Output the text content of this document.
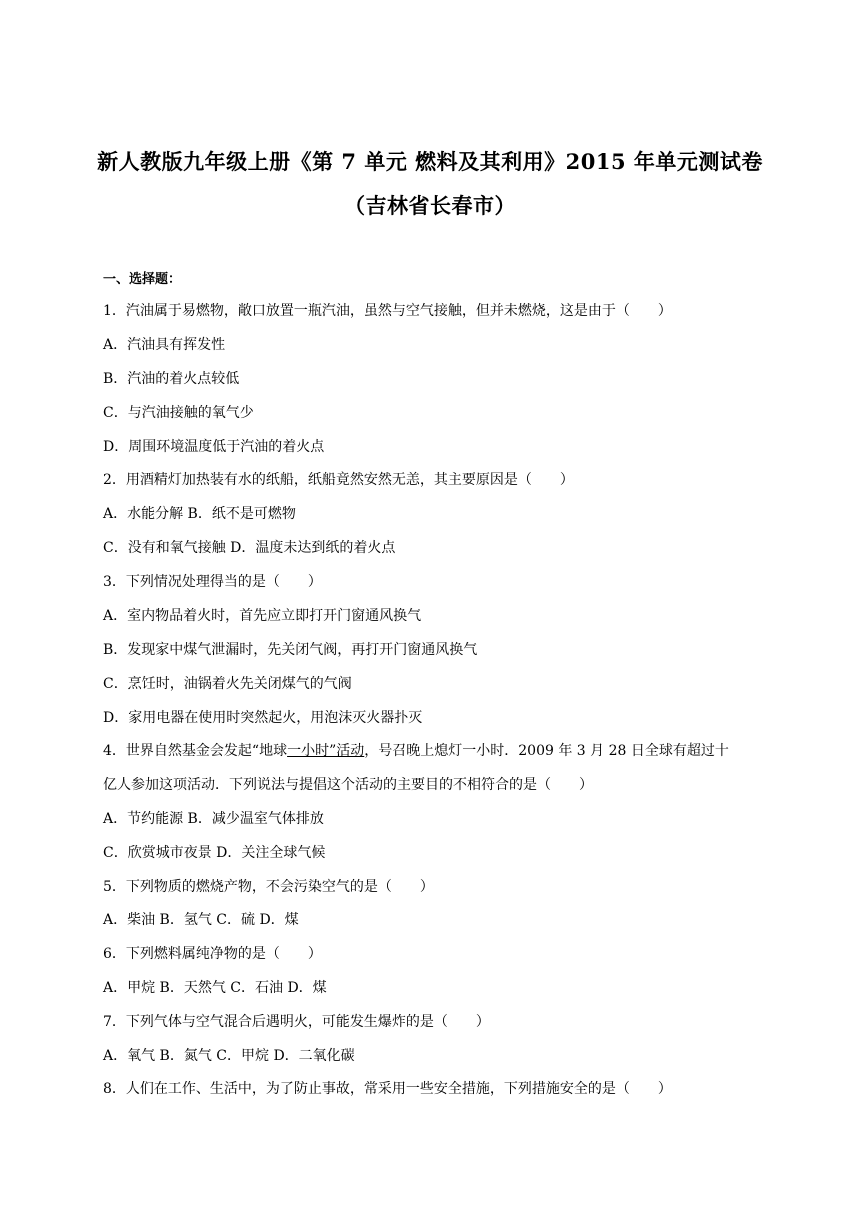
新人教版九年级上册《第 7 单元 燃料及其利用》2015 年单元测试卷
（吉林省长春市）
一、选择题：
1．汽油属于易燃物，敞口放置一瓶汽油，虽然与空气接触，但并未燃烧，这是由于（　　）
A．汽油具有挥发性
B．汽油的着火点较低
C．与汽油接触的氧气少
D．周围环境温度低于汽油的着火点
2．用酒精灯加热装有水的纸船，纸船竟然安然无恙，其主要原因是（　　）
A．水能分解 B．纸不是可燃物
C．没有和氧气接触 D．温度未达到纸的着火点
3．下列情况处理得当的是（　　）
A．室内物品着火时，首先应立即打开门窗通风换气
B．发现家中煤气泄漏时，先关闭气阀，再打开门窗通风换气
C．烹饪时，油锅着火先关闭煤气的气阀
D．家用电器在使用时突然起火，用泡沫灭火器扑灭
4．世界自然基金会发起“地球一小时”活动，号召晚上熄灯一小时．2009 年 3 月 28 日全球有超过十
亿人参加这项活动．下列说法与提倡这个活动的主要目的不相符合的是（　　）
A．节约能源 B．减少温室气体排放
C．欣赏城市夜景 D．关注全球气候
5．下列物质的燃烧产物，不会污染空气的是（　　）
A．柴油 B．氢气 C．硫 D．煤
6．下列燃料属纯净物的是（　　）
A．甲烷 B．天然气 C．石油 D．煤
7．下列气体与空气混合后遇明火，可能发生爆炸的是（　　）
A．氧气 B．氮气 C．甲烷 D．二氧化碳
8．人们在工作、生活中，为了防止事故，常采用一些安全措施，下列措施安全的是（　　）
